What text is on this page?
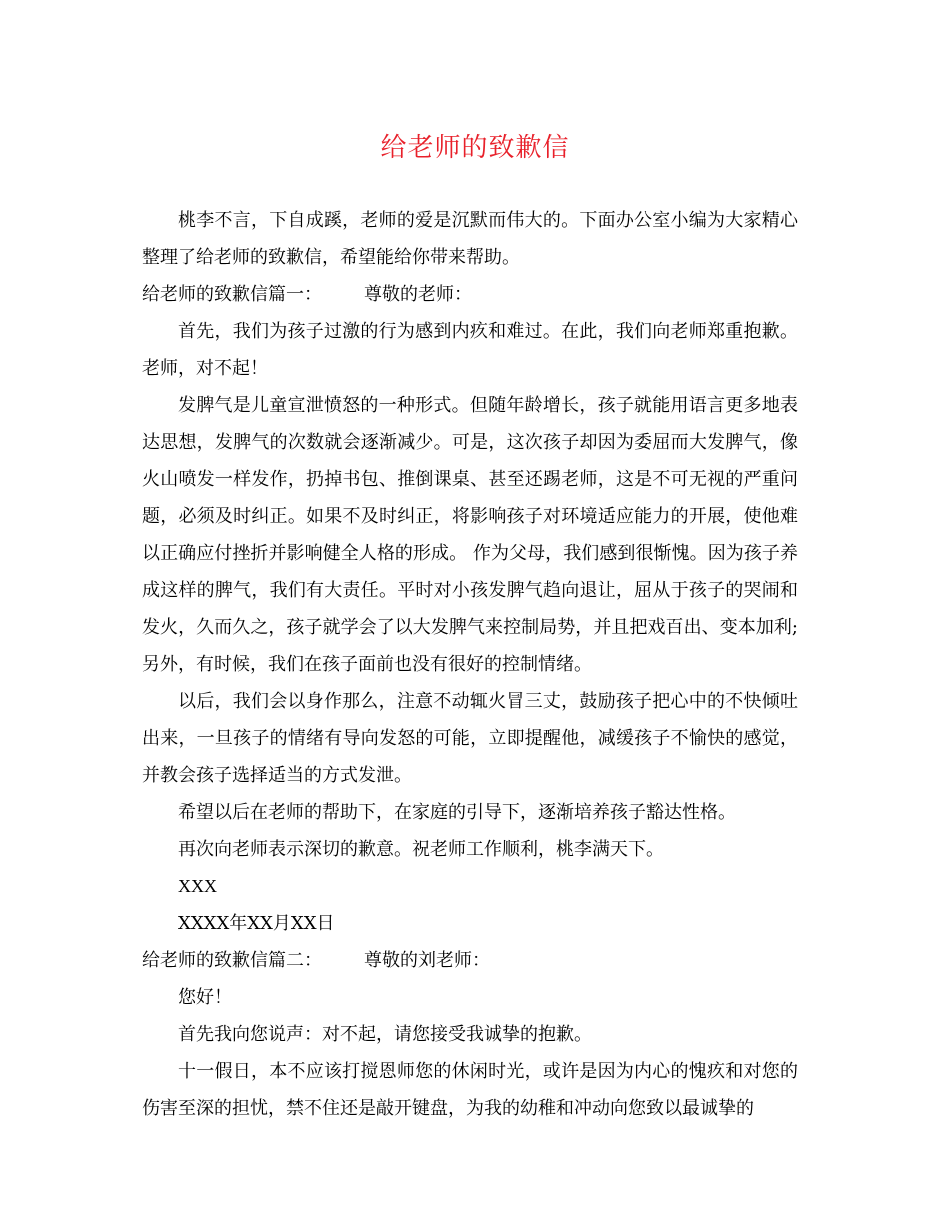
给老师的致歉信

桃李不言，下自成蹊，老师的爱是沉默而伟大的。下面办公室小编为大家精心整理了给老师的致歉信，希望能给你带来帮助。

给老师的致歉信篇一： 尊敬的老师：

首先，我们为孩子过激的行为感到内疚和难过。在此，我们向老师郑重抱歉。老师，对不起！

发脾气是儿童宣泄愤怒的一种形式。但随年龄增长，孩子就能用语言更多地表达思想，发脾气的次数就会逐渐减少。可是，这次孩子却因为委屈而大发脾气，像火山喷发一样发作，扔掉书包、推倒课桌、甚至还踢老师，这是不可无视的严重问题，必须及时纠正。如果不及时纠正，将影响孩子对环境适应能力的开展，使他难以正确应付挫折并影响健全人格的形成。 作为父母，我们感到很惭愧。因为孩子养成这样的脾气，我们有大责任。平时对小孩发脾气趋向退让，屈从于孩子的哭闹和发火，久而久之，孩子就学会了以大发脾气来控制局势，并且把戏百出、变本加利;另外，有时候，我们在孩子面前也没有很好的控制情绪。

以后，我们会以身作那么，注意不动辄火冒三丈，鼓励孩子把心中的不快倾吐出来，一旦孩子的情绪有导向发怒的可能，立即提醒他，减缓孩子不愉快的感觉，并教会孩子选择适当的方式发泄。

希望以后在老师的帮助下，在家庭的引导下，逐渐培养孩子豁达性格。

再次向老师表示深切的歉意。祝老师工作顺利，桃李满天下。

XXX

XXXX年XX月XX日

给老师的致歉信篇二： 尊敬的刘老师：

您好！

首先我向您说声：对不起，请您接受我诚挚的抱歉。

十一假日，本不应该打搅恩师您的休闲时光，或许是因为内心的愧疚和对您的伤害至深的担忧，禁不住还是敲开键盘，为我的幼稚和冲动向您致以最诚挚的
